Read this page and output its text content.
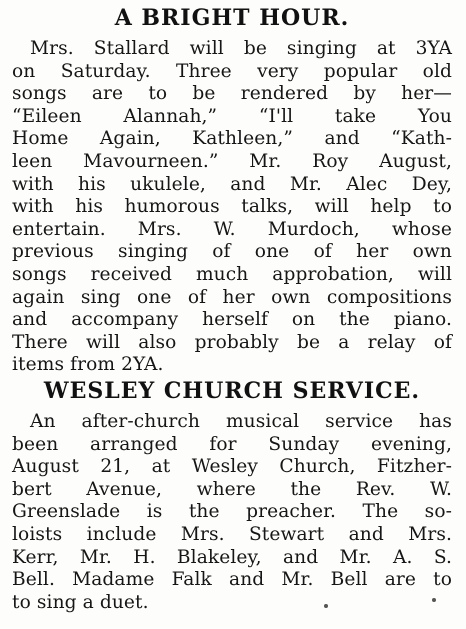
A BRIGHT HOUR.
Mrs. Stallard will be singing at 3YA
on Saturday. Three very popular old
songs are to be rendered by her—
“Eileen Alannah,” “I'll take You
Home Again, Kathleen,” and “Kath-
leen Mavourneen.” Mr. Roy August,
with his ukulele, and Mr. Alec Dey,
with his humorous talks, will help to
entertain. Mrs. W. Murdoch, whose
previous singing of one of her own
songs received much approbation, will
again sing one of her own compositions
and accompany herself on the piano.
There will also probably be a relay of
items from 2YA.
WESLEY CHURCH SERVICE.
An after-church musical service has
been arranged for Sunday evening,
August 21, at Wesley Church, Fitzher-
bert Avenue, where the Rev. W.
Greenslade is the preacher. The so-
loists include Mrs. Stewart and Mrs.
Kerr, Mr. H. Blakeley, and Mr. A. S.
Bell. Madame Falk and Mr. Bell are to
to sing a duet.
